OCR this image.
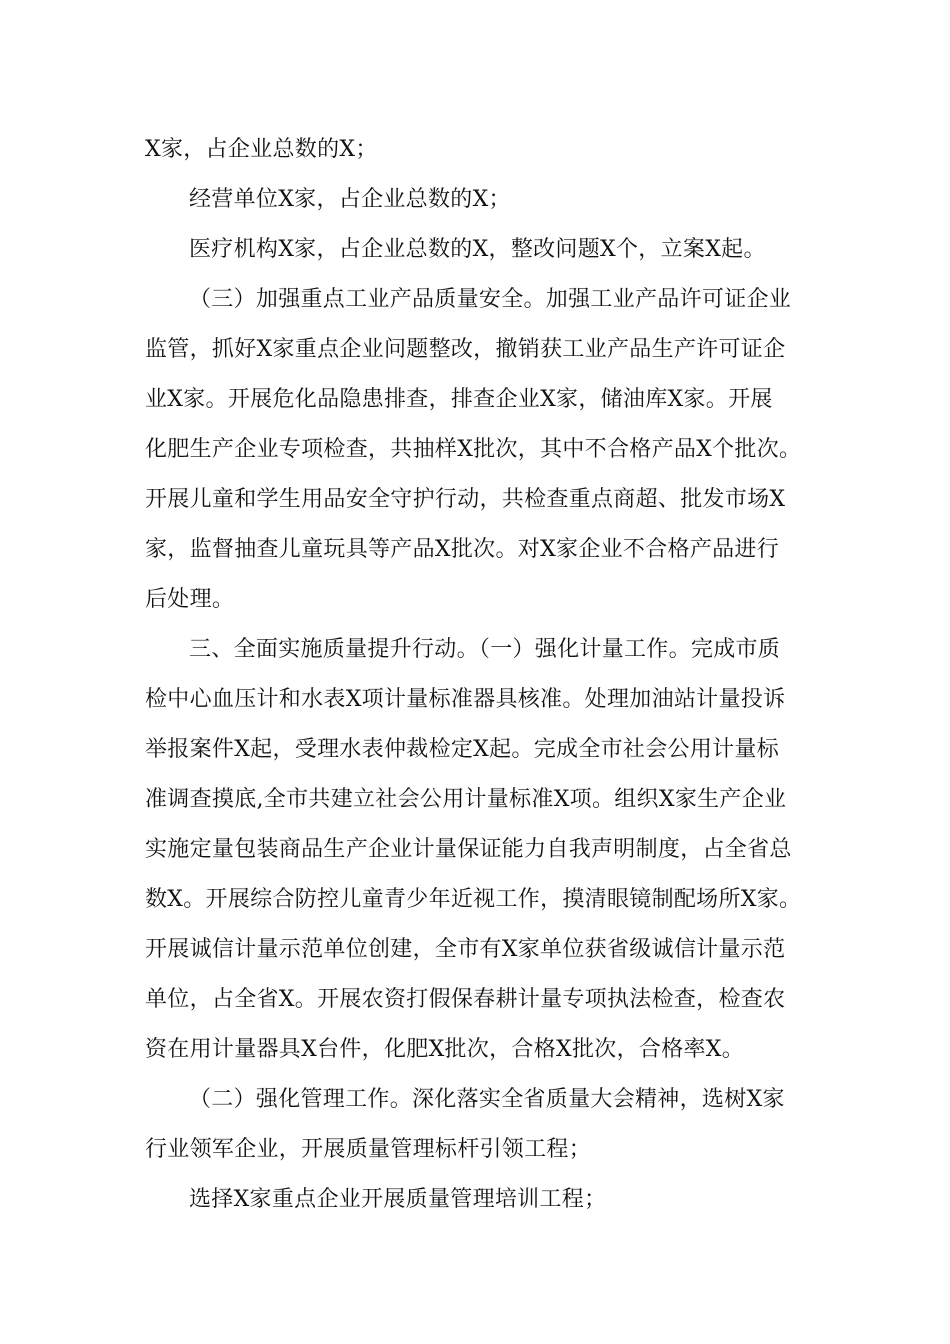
X家，占企业总数的X；
经营单位X家，占企业总数的X；
医疗机构X家，占企业总数的X，整改问题X个，立案X起。
（三）加强重点工业产品质量安全。加强工业产品许可证企业
监管，抓好X家重点企业问题整改，撤销获工业产品生产许可证企
业X家。开展危化品隐患排查，排查企业X家，储油库X家。开展
化肥生产企业专项检查，共抽样X批次，其中不合格产品X个批次。
开展儿童和学生用品安全守护行动，共检查重点商超、批发市场X
家，监督抽查儿童玩具等产品X批次。对X家企业不合格产品进行
后处理。
三、全面实施质量提升行动。（一）强化计量工作。完成市质
检中心血压计和水表X项计量标准器具核准。处理加油站计量投诉
举报案件X起，受理水表仲裁检定X起。完成全市社会公用计量标
准调查摸底,全市共建立社会公用计量标准X项。组织X家生产企业
实施定量包装商品生产企业计量保证能力自我声明制度，占全省总
数X。开展综合防控儿童青少年近视工作，摸清眼镜制配场所X家。
开展诚信计量示范单位创建，全市有X家单位获省级诚信计量示范
单位，占全省X。开展农资打假保春耕计量专项执法检查，检查农
资在用计量器具X台件，化肥X批次，合格X批次，合格率X。
（二）强化管理工作。深化落实全省质量大会精神，选树X家
行业领军企业，开展质量管理标杆引领工程；
选择X家重点企业开展质量管理培训工程；
